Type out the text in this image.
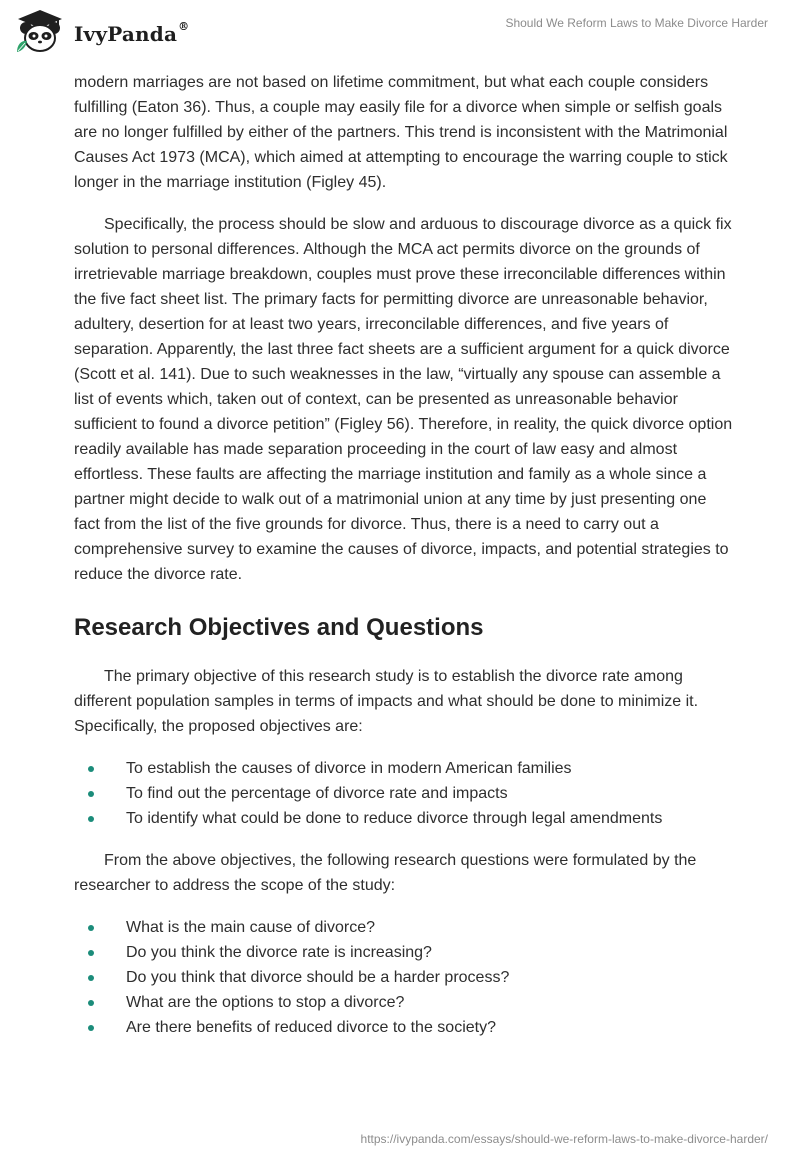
IvyPanda®	Should We Reform Laws to Make Divorce Harder

modern marriages are not based on lifetime commitment, but what each couple considers fulfilling (Eaton 36). Thus, a couple may easily file for a divorce when simple or selfish goals are no longer fulfilled by either of the partners. This trend is inconsistent with the Matrimonial Causes Act 1973 (MCA), which aimed at attempting to encourage the warring couple to stick longer in the marriage institution (Figley 45).

Specifically, the process should be slow and arduous to discourage divorce as a quick fix solution to personal differences. Although the MCA act permits divorce on the grounds of irretrievable marriage breakdown, couples must prove these irreconcilable differences within the five fact sheet list. The primary facts for permitting divorce are unreasonable behavior, adultery, desertion for at least two years, irreconcilable differences, and five years of separation. Apparently, the last three fact sheets are a sufficient argument for a quick divorce (Scott et al. 141). Due to such weaknesses in the law, “virtually any spouse can assemble a list of events which, taken out of context, can be presented as unreasonable behavior sufficient to found a divorce petition” (Figley 56). Therefore, in reality, the quick divorce option readily available has made separation proceeding in the court of law easy and almost effortless. These faults are affecting the marriage institution and family as a whole since a partner might decide to walk out of a matrimonial union at any time by just presenting one fact from the list of the five grounds for divorce. Thus, there is a need to carry out a comprehensive survey to examine the causes of divorce, impacts, and potential strategies to reduce the divorce rate.

Research Objectives and Questions

The primary objective of this research study is to establish the divorce rate among different population samples in terms of impacts and what should be done to minimize it. Specifically, the proposed objectives are:

To establish the causes of divorce in modern American families
To find out the percentage of divorce rate and impacts
To identify what could be done to reduce divorce through legal amendments

From the above objectives, the following research questions were formulated by the researcher to address the scope of the study:

What is the main cause of divorce?
Do you think the divorce rate is increasing?
Do you think that divorce should be a harder process?
What are the options to stop a divorce?
Are there benefits of reduced divorce to the society?
https://ivypanda.com/essays/should-we-reform-laws-to-make-divorce-harder/
